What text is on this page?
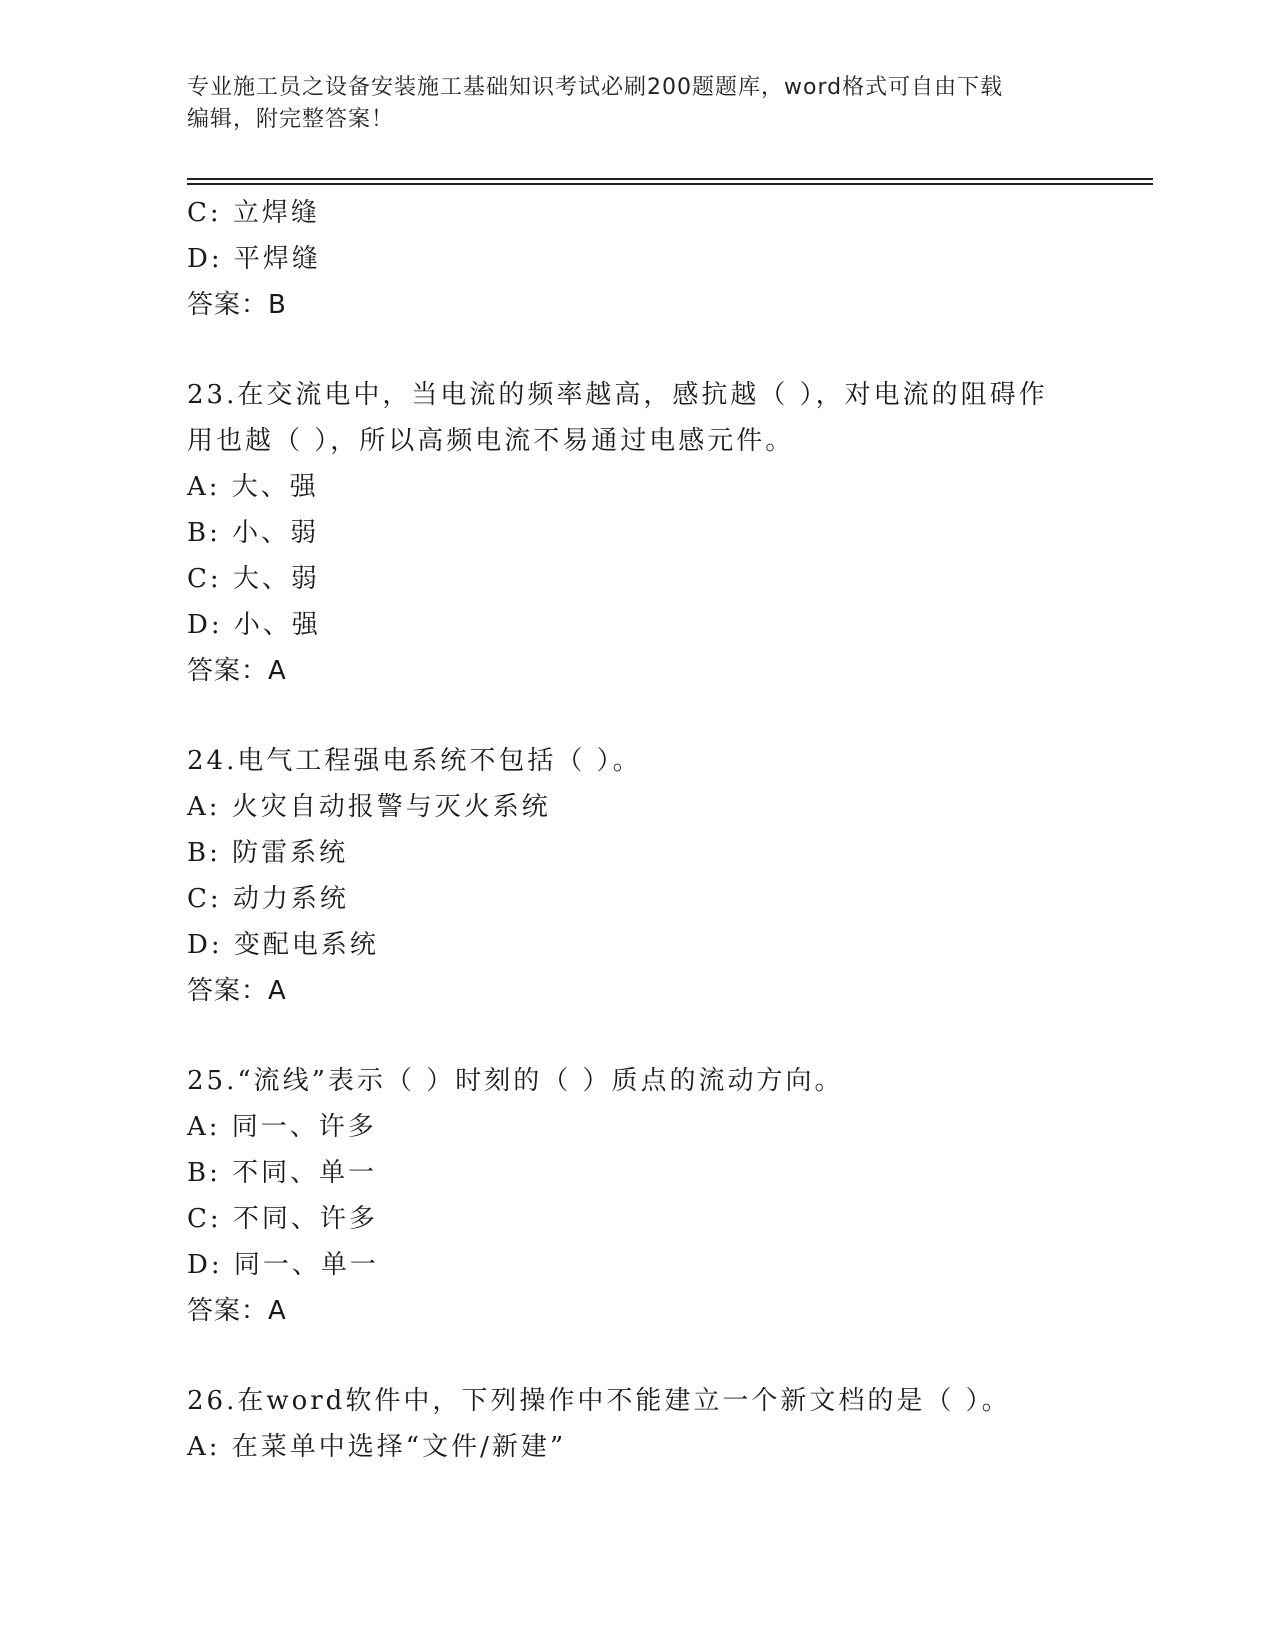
专业施工员之设备安装施工基础知识考试必刷200题题库，word格式可自由下载
编辑，附完整答案！
C: 立焊缝
D: 平焊缝
答案：B
23.在交流电中，当电流的频率越高，感抗越（ ），对电流的阻碍作
用也越（ ），所以高频电流不易通过电感元件。
A: 大、强
B: 小、弱
C: 大、弱
D: 小、强
答案：A
24.电气工程强电系统不包括（ ）。
A: 火灾自动报警与灭火系统
B: 防雷系统
C: 动力系统
D: 变配电系统
答案：A
25.“流线”表示（ ）时刻的（ ）质点的流动方向。
A: 同一、许多
B: 不同、单一
C: 不同、许多
D: 同一、单一
答案：A
26.在word软件中，下列操作中不能建立一个新文档的是（ ）。
A: 在菜单中选择“文件/新建”
